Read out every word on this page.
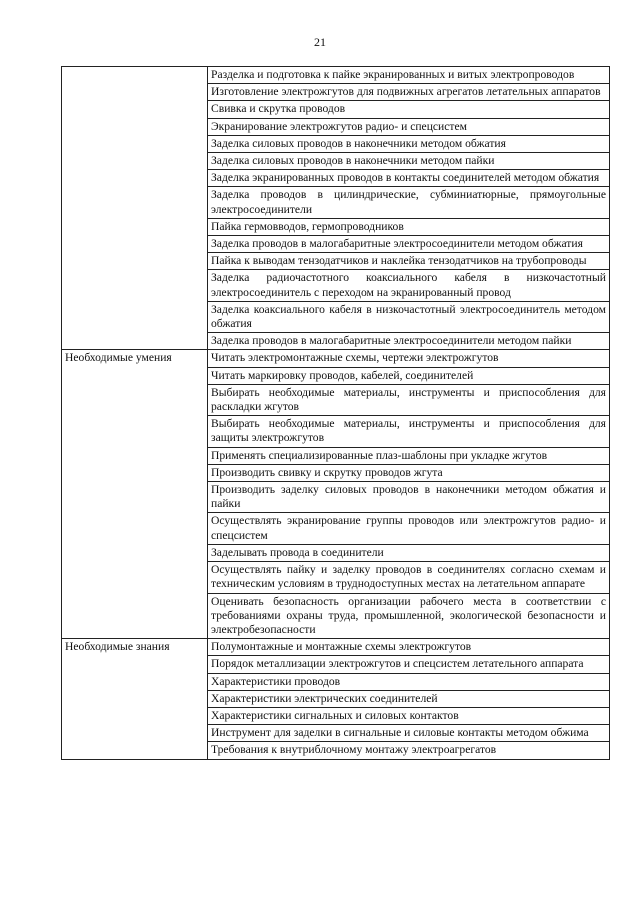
21
	Разделка и подготовка к пайке экранированных и витых электропроводов
	Изготовление электрожгутов для подвижных агрегатов летательных аппаратов
	Свивка и скрутка проводов
	Экранирование электрожгутов радио- и спецсистем
	Заделка силовых проводов в наконечники методом обжатия
	Заделка силовых проводов в наконечники методом пайки
	Заделка экранированных проводов в контакты соединителей методом обжатия
	Заделка проводов в цилиндрические, субминиатюрные, прямоугольные электросоединители
	Пайка гермовводов, гермопроводников
	Заделка проводов в малогабаритные электросоединители методом обжатия
	Пайка к выводам тензодатчиков и наклейка тензодатчиков на трубопроводы
	Заделка радиочастотного коаксиального кабеля в низкочастотный электросоединитель с переходом на экранированный провод
	Заделка коаксиального кабеля в низкочастотный электросоединитель методом обжатия
	Заделка проводов в малогабаритные электросоединители методом пайки
Необходимые умения	Читать электромонтажные схемы, чертежи электрожгутов
	Читать маркировку проводов, кабелей, соединителей
	Выбирать необходимые материалы, инструменты и приспособления для раскладки жгутов
	Выбирать необходимые материалы, инструменты и приспособления для защиты электрожгутов
	Применять специализированные плаз-шаблоны при укладке жгутов
	Производить свивку и скрутку проводов жгута
	Производить заделку силовых проводов в наконечники методом обжатия и пайки
	Осуществлять экранирование группы проводов или электрожгутов радио- и спецсистем
	Заделывать провода в соединители
	Осуществлять пайку и заделку проводов в соединителях согласно схемам и техническим условиям в труднодоступных местах на летательном аппарате
	Оценивать безопасность организации рабочего места в соответствии с требованиями охраны труда, промышленной, экологической безопасности и электробезопасности
Необходимые знания	Полумонтажные и монтажные схемы электрожгутов
	Порядок металлизации электрожгутов и спецсистем летательного аппарата
	Характеристики проводов
	Характеристики электрических соединителей
	Характеристики сигнальных и силовых контактов
	Инструмент для заделки в сигнальные и силовые контакты методом обжима
	Требования к внутриблочному монтажу электроагрегатов
